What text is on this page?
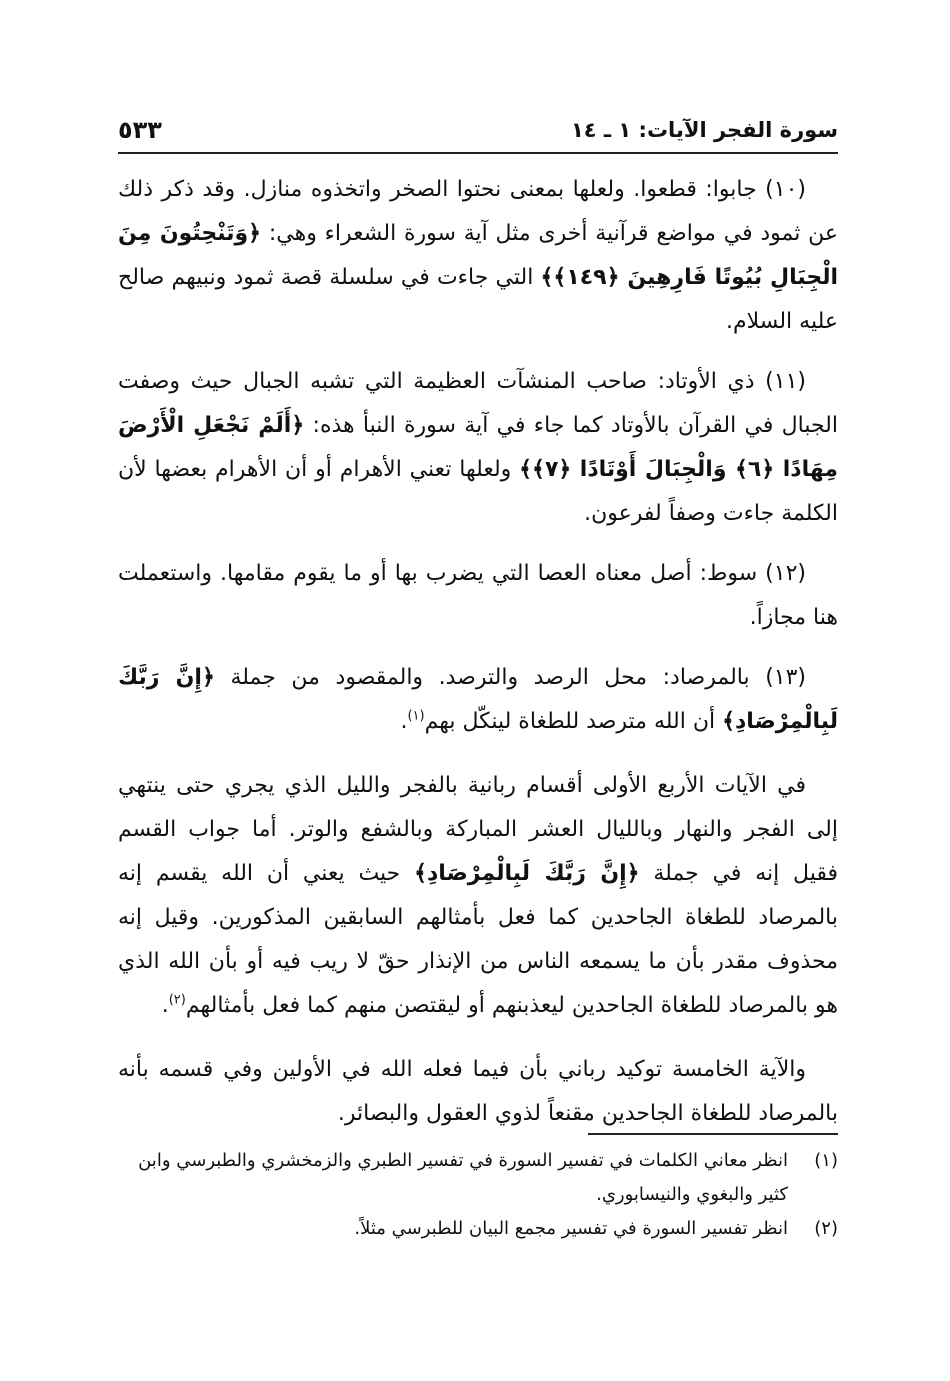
سورة الفجر الآيات: ١ ـ ١٤
٥٣٣

(١٠) جابوا: قطعوا. ولعلها بمعنى نحتوا الصخر واتخذوه منازل. وقد ذكر ذلك عن ثمود في مواضع قرآنية أخرى مثل آية سورة الشعراء وهي: ﴿وَتَنْحِتُونَ مِنَ الْجِبَالِ بُيُوتًا فَارِهِينَ ﴿١٤٩﴾﴾ التي جاءت في سلسلة قصة ثمود ونبيهم صالح عليه السلام.

(١١) ذي الأوتاد: صاحب المنشآت العظيمة التي تشبه الجبال حيث وصفت الجبال في القرآن بالأوتاد كما جاء في آية سورة النبأ هذه: ﴿أَلَمْ نَجْعَلِ الْأَرْضَ مِهَادًا ﴿٦﴾ وَالْجِبَالَ أَوْتَادًا ﴿٧﴾﴾ ولعلها تعني الأهرام أو أن الأهرام بعضها لأن الكلمة جاءت وصفاً لفرعون.

(١٢) سوط: أصل معناه العصا التي يضرب بها أو ما يقوم مقامها. واستعملت هنا مجازاً.

(١٣) بالمرصاد: محل الرصد والترصد. والمقصود من جملة ﴿إِنَّ رَبَّكَ لَبِالْمِرْصَادِ﴾ أن الله مترصد للطغاة لينكّل بهم$^{(١)}$.

في الآيات الأربع الأولى أقسام ربانية بالفجر والليل الذي يجري حتى ينتهي إلى الفجر والنهار وبالليال العشر المباركة وبالشفع والوتر. أما جواب القسم فقيل إنه في جملة ﴿إِنَّ رَبَّكَ لَبِالْمِرْصَادِ﴾ حيث يعني أن الله يقسم إنه بالمرصاد للطغاة الجاحدين كما فعل بأمثالهم السابقين المذكورين. وقيل إنه محذوف مقدر بأن ما يسمعه الناس من الإنذار حقّ لا ريب فيه أو بأن الله الذي هو بالمرصاد للطغاة الجاحدين ليعذبنهم أو ليقتصن منهم كما فعل بأمثالهم$^{(٢)}$.

والآية الخامسة توكيد رباني بأن فيما فعله الله في الأولين وفي قسمه بأنه بالمرصاد للطغاة الجاحدين مقنعاً لذوي العقول والبصائر.

(١)
انظر معاني الكلمات في تفسير السورة في تفسير الطبري والزمخشري والطبرسي وابن كثير والبغوي والنيسابوري.

(٢)
انظر تفسير السورة في تفسير مجمع البيان للطبرسي مثلاً.
